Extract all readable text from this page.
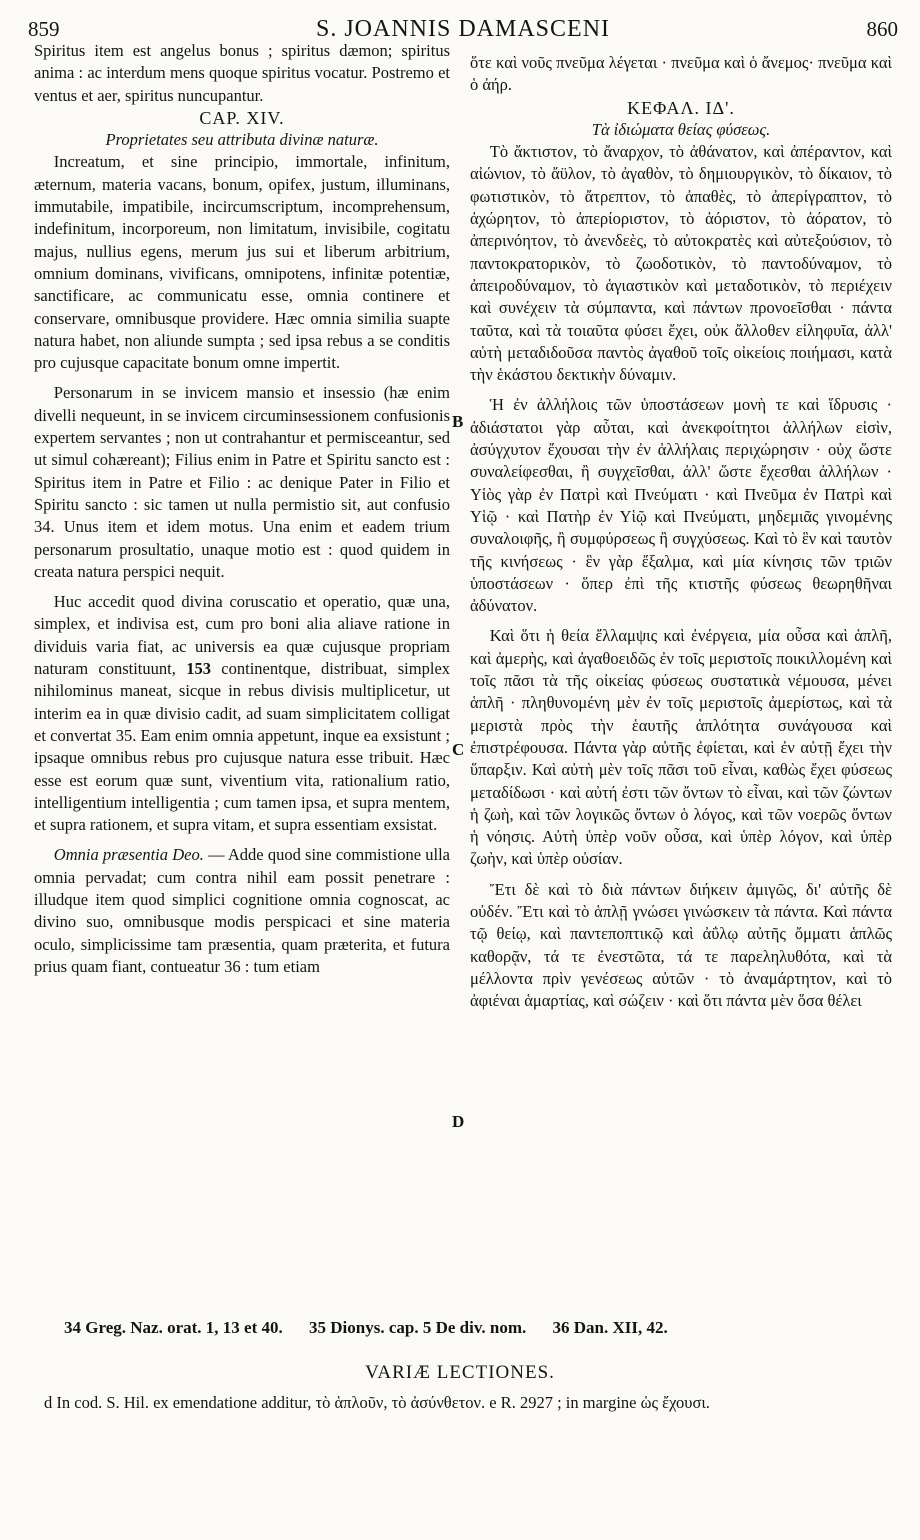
859	S. JOANNIS DAMASCENI	860

Spiritus item est angelus bonus ; spiritus dæmon; spiritus anima : ac interdum mens quoque spiritus vocatur. Postremo et ventus et aer, spiritus nuncupantur.

CAP. XIV.

Proprietates seu attributa divinæ naturæ.

Increatum, et sine principio, immortale, infinitum, æternum, materia vacans, bonum, opifex, justum, illuminans, immutabile, impatibile, incircumscriptum, incomprehensum, indefinitum, incorporeum, non limitatum, invisibile, cogitatu majus, nullius egens, merum jus sui et liberum arbitrium, omnium dominans, vivificans, omnipotens, infinitæ potentiæ, sanctificare, ac communicatu esse, omnia continere et conservare, omnibusque providere. Hæc omnia similia suapte natura habet, non aliunde sumpta ; sed ipsa rebus a se conditis pro cujusque capacitate bonum omne impertit.

Personarum in se invicem mansio et insessio (hæ enim divelli nequeunt, in se invicem circuminsessionem confusionis expertem servantes ; non ut contrahantur et permisceantur, sed ut simul cohæreant); Filius enim in Patre et Spiritu sancto est : Spiritus item in Patre et Filio : ac denique Pater in Filio et Spiritu sancto : sic tamen ut nulla permistio sit, aut confusio 34. Unus item et idem motus. Una enim et eadem trium personarum prosultatio, unaque motio est : quod quidem in creata natura perspici nequit.

Huc accedit quod divina coruscatio et operatio, quæ una, simplex, et indivisa est, cum pro boni alia aliave ratione in dividuis varia fiat, ac universis ea quæ cujusque propriam naturam constituunt, 153 continentque, distribuat, simplex nihilominus maneat, sicque in rebus divisis multiplicetur, ut interim ea in quæ divisio cadit, ad suam simplicitatem colligat et convertat 35. Eam enim omnia appetunt, inque ea exsistunt ; ipsaque omnibus rebus pro cujusque natura esse tribuit. Hæc esse est eorum quæ sunt, viventium vita, rationalium ratio, intelligentium intelligentia ; cum tamen ipsa, et supra mentem, et supra rationem, et supra vitam, et supra essentiam exsistat.

Omnia præsentia Deo. — Adde quod sine commistione ulla omnia pervadat; cum contra nihil eam possit penetrare : illudque item quod simplici cognitione omnia cognoscat, ac divino suo, omnibusque modis perspicaci et sine materia oculo, simplicissime tam præsentia, quam præterita, et futura prius quam fiant, contueatur 36 : tum etiam

B
C
D

ὅτε καὶ νοῦς πνεῦμα λέγεται · πνεῦμα καὶ ὁ ἄνεμος· πνεῦμα καὶ ὁ ἀήρ.

ΚΕΦΑΛ. ΙΔ'.

Τὰ ἰδιώματα θείας φύσεως.

Τὸ ἄκτιστον, τὸ ἄναρχον, τὸ ἀθάνατον, καὶ ἀπέραντον, καὶ αἰώνιον, τὸ ἄϋλον, τὸ ἀγαθὸν, τὸ δημιουργικὸν, τὸ δίκαιον, τὸ φωτιστικὸν, τὸ ἄτρεπτον, τὸ ἀπαθὲς, τὸ ἀπερίγραπτον, τὸ ἀχώρητον, τὸ ἀπερίοριστον, τὸ ἀόριστον, τὸ ἀόρατον, τὸ ἀπερινόητον, τὸ ἀνενδεὲς, τὸ αὐτοκρατὲς καὶ αὐτεξούσιον, τὸ παντοκρατορικὸν, τὸ ζωοδοτικὸν, τὸ παντοδύναμον, τὸ ἀπειροδύναμον, τὸ ἁγιαστικὸν καὶ μεταδοτικὸν, τὸ περιέχειν καὶ συνέχειν τὰ σύμπαντα, καὶ πάντων προνοεῖσθαι · πάντα ταῦτα, καὶ τὰ τοιαῦτα φύσει ἔχει, οὐκ ἄλλοθεν εἰληφυῖα, ἀλλ' αὐτὴ μεταδιδοῦσα παντὸς ἀγαθοῦ τοῖς οἰκείοις ποιήμασι, κατὰ τὴν ἑκάστου δεκτικὴν δύναμιν.

Ἡ ἐν ἀλλήλοις τῶν ὑποστάσεων μονὴ τε καὶ ἵδρυσις · ἀδιάστατοι γὰρ αὗται, καὶ ἀνεκφοίτητοι ἀλλήλων εἰσὶν, ἀσύγχυτον ἔχουσαι τὴν ἐν ἀλλήλαις περιχώρησιν · οὐχ ὥστε συναλείφεσθαι, ἢ συγχεῖσθαι, ἀλλ' ὥστε ἔχεσθαι ἀλλήλων · Υἱὸς γὰρ ἐν Πατρὶ καὶ Πνεύματι · καὶ Πνεῦμα ἐν Πατρὶ καὶ Υἱῷ · καὶ Πατὴρ ἐν Υἱῷ καὶ Πνεύματι, μηδεμιᾶς γινομένης συναλοιφῆς, ἢ συμφύρσεως ἢ συγχύσεως. Καὶ τὸ ἓν καὶ ταυτὸν τῆς κινήσεως · ἓν γὰρ ἔξαλμα, καὶ μία κίνησις τῶν τριῶν ὑποστάσεων · ὅπερ ἐπὶ τῆς κτιστῆς φύσεως θεωρηθῆναι ἀδύνατον.

Καὶ ὅτι ἡ θεία ἔλλαμψις καὶ ἐνέργεια, μία οὖσα καὶ ἁπλῆ, καὶ ἀμερὴς, καὶ ἀγαθοειδῶς ἐν τοῖς μεριστοῖς ποικιλλομένη καὶ τοῖς πᾶσι τὰ τῆς οἰκείας φύσεως συστατικὰ νέμουσα, μένει ἁπλῆ · πληθυνομένη μὲν ἐν τοῖς μεριστοῖς ἀμερίστως, καὶ τὰ μεριστὰ πρὸς τὴν ἑαυτῆς ἁπλότητα συνάγουσα καὶ ἐπιστρέφουσα. Πάντα γὰρ αὐτῆς ἐφίεται, καὶ ἐν αὐτῇ ἔχει τὴν ὕπαρξιν. Καὶ αὐτὴ μὲν τοῖς πᾶσι τοῦ εἶναι, καθὼς ἔχει φύσεως μεταδίδωσι · καὶ αὐτή ἐστι τῶν ὄντων τὸ εἶναι, καὶ τῶν ζώντων ἡ ζωὴ, καὶ τῶν λογικῶς ὄντων ὁ λόγος, καὶ τῶν νοερῶς ὄντων ἡ νόησις. Αὐτὴ ὑπὲρ νοῦν οὖσα, καὶ ὑπὲρ λόγον, καὶ ὑπὲρ ζωὴν, καὶ ὑπὲρ οὐσίαν.

Ἔτι δὲ καὶ τὸ διὰ πάντων διήκειν ἀμιγῶς, δι' αὐτῆς δὲ οὐδέν. Ἔτι καὶ τὸ ἁπλῇ γνώσει γινώσκειν τὰ πάντα. Καὶ πάντα τῷ θείῳ, καὶ παντεποπτικῷ καὶ ἀΰλῳ αὐτῆς ὄμματι ἁπλῶς καθορᾷν, τά τε ἐνεστῶτα, τά τε παρεληλυθότα, καὶ τὰ μέλλοντα πρὶν γενέσεως αὐτῶν · τὸ ἀναμάρτητον, καὶ τὸ ἀφιέναι ἁμαρτίας, καὶ σώζειν · καὶ ὅτι πάντα μὲν ὅσα θέλει

34 Greg. Naz. orat. 1, 13 et 40. 35 Dionys. cap. 5 De div. nom. 36 Dan. XII, 42.
VARIÆ LECTIONES.
d In cod. S. Hil. ex emendatione additur, τὸ ἁπλοῦν, τὸ ἀσύνθετον. e R. 2927 ; in margine ὡς ἔχουσι.
